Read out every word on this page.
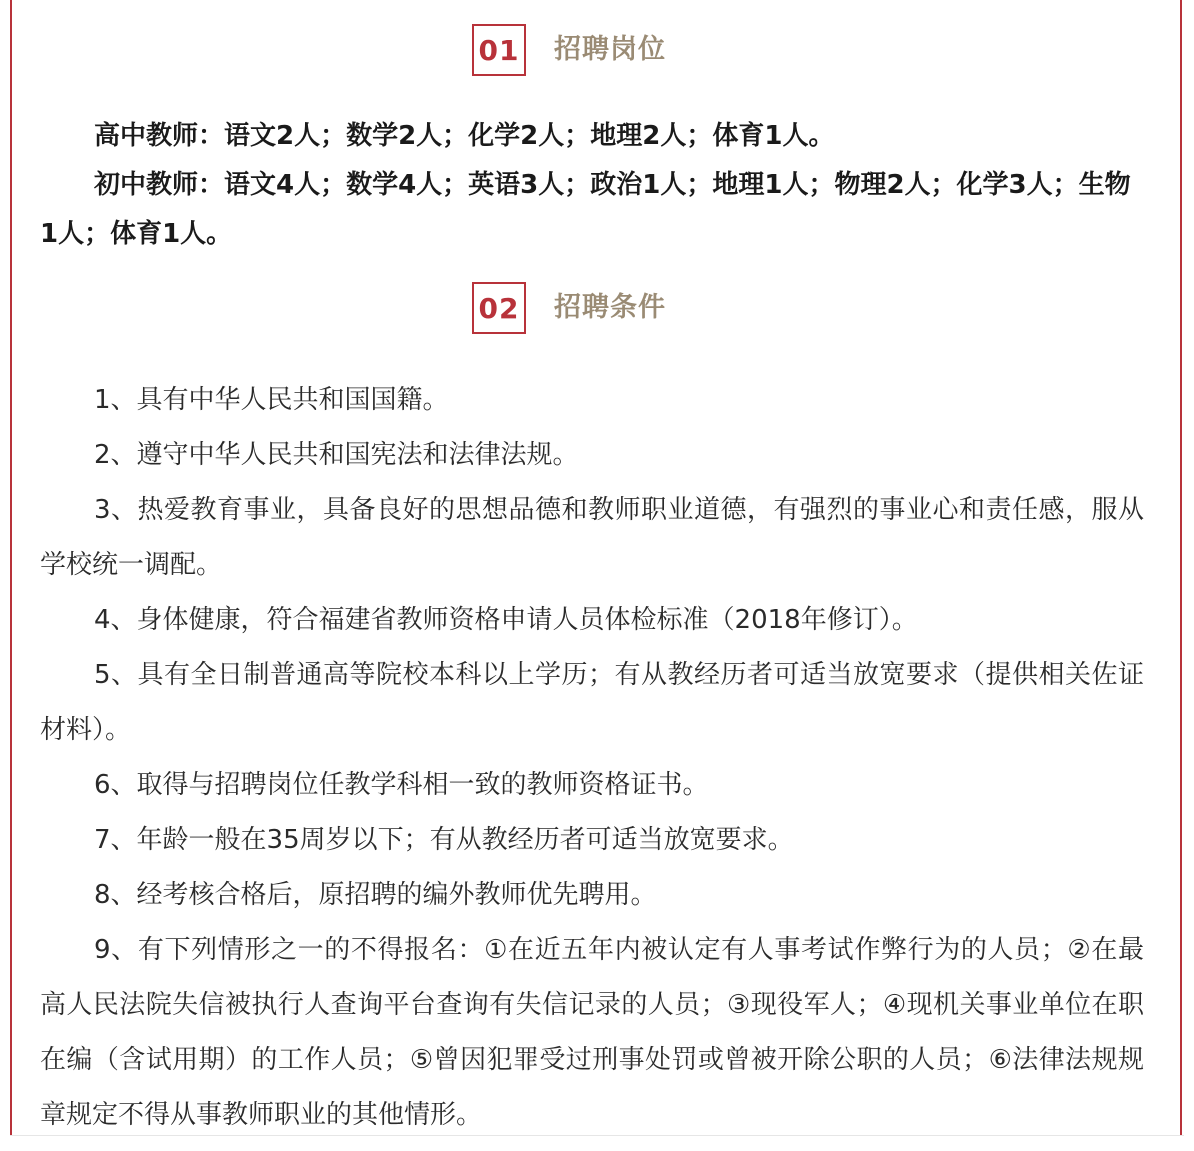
01 招聘岗位
高中教师：语文2人；数学2人；化学2人；地理2人；体育1人。
初中教师：语文4人；数学4人；英语3人；政治1人；地理1人；物理2人；化学3人；生物1人；体育1人。
02 招聘条件

1、具有中华人民共和国国籍。

2、遵守中华人民共和国宪法和法律法规。

3、热爱教育事业，具备良好的思想品德和教师职业道德，有强烈的事业心和责任感，服从学校统一调配。

4、身体健康，符合福建省教师资格申请人员体检标准（2018年修订）。

5、具有全日制普通高等院校本科以上学历；有从教经历者可适当放宽要求（提供相关佐证材料）。

6、取得与招聘岗位任教学科相一致的教师资格证书。

7、年龄一般在35周岁以下；有从教经历者可适当放宽要求。

8、经考核合格后，原招聘的编外教师优先聘用。

9、有下列情形之一的不得报名：①在近五年内被认定有人事考试作弊行为的人员；②在最高人民法院失信被执行人查询平台查询有失信记录的人员；③现役军人；④现机关事业单位在职在编（含试用期）的工作人员；⑤曾因犯罪受过刑事处罚或曾被开除公职的人员；⑥法律法规规章规定不得从事教师职业的其他情形。
